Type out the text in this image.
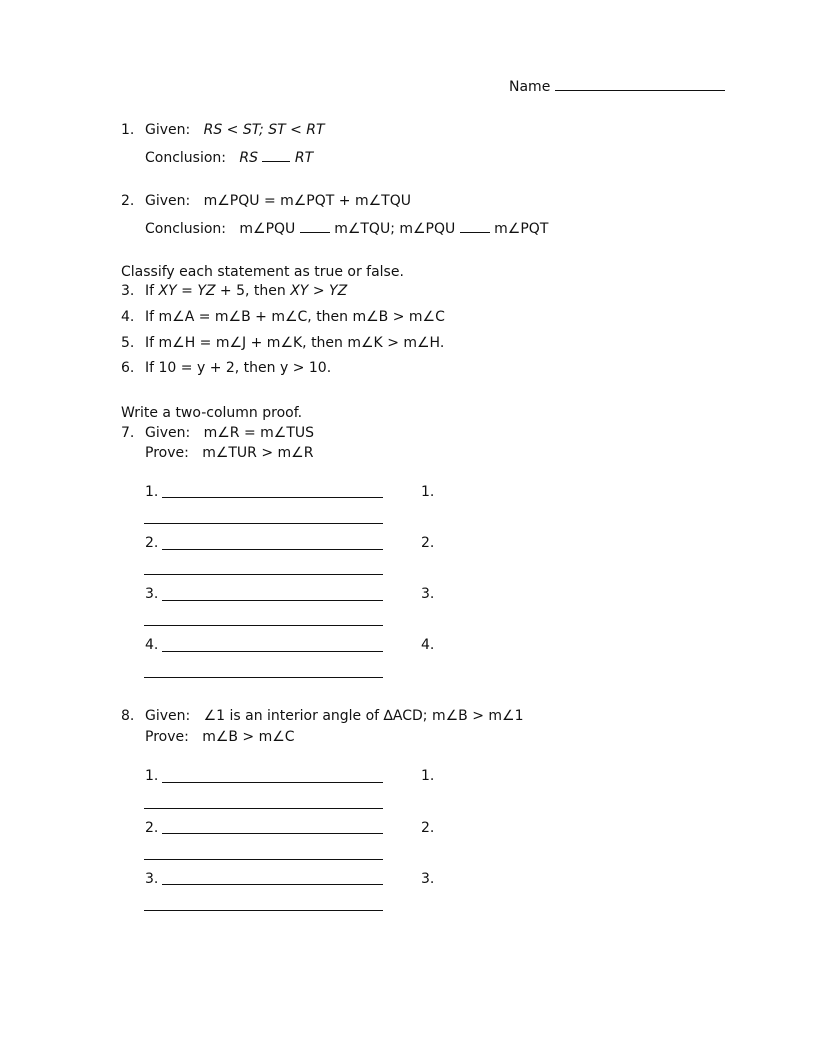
Name
1. Given: RS < ST; ST < RT
Conclusion: RS	RT
2. Given: m∠PQU = m∠PQT + m∠TQU
Conclusion: m∠PQU	m∠TQU; m∠PQU	m∠PQT
Classify each statement as true or false.
3. If XY = YZ + 5, then XY > YZ
4. If m∠A = m∠B + m∠C, then m∠B > m∠C
5. If m∠H = m∠J + m∠K, then m∠K > m∠H.
6. If 10 = y + 2, then y > 10.
Write a two-column proof.
7. Given: m∠R = m∠TUS
Prove: m∠TUR > m∠R
1.	1.
2.	2.
3.	3.
4.	4.
8. Given: ∠1 is an interior angle of ∆ACD; m∠B > m∠1
Prove: m∠B > m∠C
1.	1.
2.	2.
3.	3.
